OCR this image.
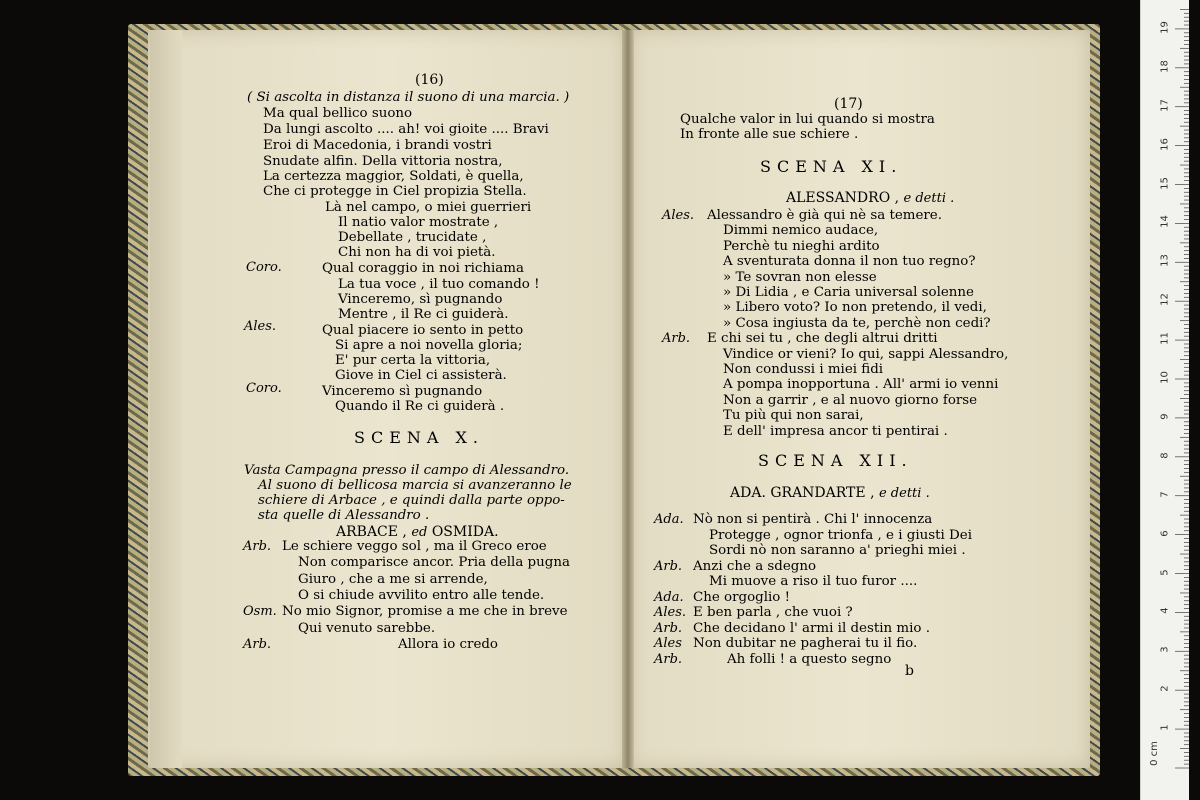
(16)
( Si ascolta in distanza il suono di una marcia. )
Ma qual bellico suono
Da lungi ascolto .... ah! voi gioite .... Bravi
Eroi di Macedonia, i brandi vostri
Snudate alfin. Della vittoria nostra,
La certezza maggior, Soldati, è quella,
Che ci protegge in Ciel propizia Stella.
Là nel campo, o miei guerrieri
Il natio valor mostrate ,
Debellate , trucidate ,
Chi non ha di voi pietà.
Qual coraggio in noi richiama
La tua voce , il tuo comando !
Vinceremo, sì pugnando
Mentre , il Re ci guiderà.
Qual piacere io sento in petto
Si apre a noi novella gloria;
E' pur certa la vittoria,
Giove in Ciel ci assisterà.
Vinceremo sì pugnando
Quando il Re ci guiderà .
Coro.
Ales.
Coro.
SCENA X.
Vasta Campagna presso il campo di Alessandro.
Al suono di bellicosa marcia si avanzeranno le
schiere di Arbace , e quindi dalla parte oppo-
sta quelle di Alessandro .
ARBACE , ed OSMIDA.
Arb. Le schiere veggo sol , ma il Greco eroe
Non comparisce ancor. Pria della pugna
Giuro , che a me si arrende,
O si chiude avvilito entro alle tende.
Osm. No mio Signor, promise a me che in breve
Qui venuto sarebbe.
Arb.	Allora io credo
(17)
Qualche valor in lui quando si mostra
In fronte alle sue schiere .
SCENA XI.
ALESSANDRO , e detti .
Ales. Alessandro è già qui nè sa temere.
Dimmi nemico audace,
Perchè tu nieghi ardito
A sventurata donna il non tuo regno?
» Te sovran non elesse
» Di Lidia , e Caria universal solenne
» Libero voto? Io non pretendo, il vedi,
» Cosa ingiusta da te, perchè non cedi?
Arb. E chi sei tu , che degli altrui dritti
Vindice or vieni? Io qui, sappi Alessandro,
Non condussi i miei fidi
A pompa inopportuna . All' armi io venni
Non a garrir , e al nuovo giorno forse
Tu più qui non sarai,
E dell' impresa ancor ti pentirai .
SCENA XII.
ADA. GRANDARTE , e detti .
Ada. Nò non si pentirà . Chi l' innocenza
Protegge , ognor trionfa , e i giusti Dei
Sordi nò non saranno a' prieghi miei .
Arb. Anzi che a sdegno
Mi muove a riso il tuo furor ....
Ada. Che orgoglio !
Ales. E ben parla , che vuoi ?
Arb. Che decidano l' armi il destin mio .
Ales Non dubitar ne pagherai tu il fio.
Arb.	Ah folli ! a questo segno
b
1
2
3
4
5
6
7
8
9
10
11
12
13
14
15
16
17
18
19
0 cm
